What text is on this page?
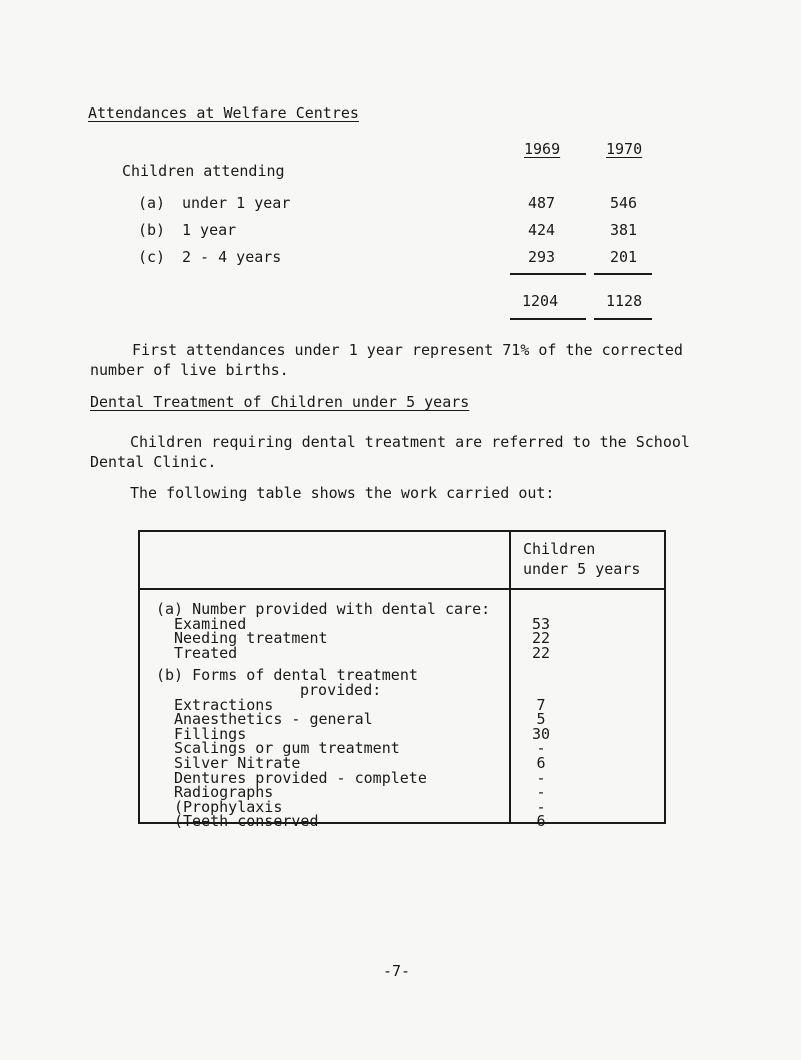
Attendances at Welfare Centres
1969	1970
Children attending
(a) under 1 year	487	546
(b) 1 year	424	381
(c) 2 - 4 years	293	201
1204	1128
First attendances under 1 year represent 71% of the corrected number of live births.
Dental Treatment of Children under 5 years
Children requiring dental treatment are referred to the School Dental Clinic.
The following table shows the work carried out:
Children
under 5 years
(a) Number provided with dental care:
Examined	53
Needing treatment	22
Treated	22
(b) Forms of dental treatment
provided:
Extractions	7
Anaesthetics - general	5
Fillings	30
Scalings or gum treatment	-
Silver Nitrate	6
Dentures provided - complete	-
Radiographs	-
(Prophylaxis	-
(Teeth conserved	6
-7-
